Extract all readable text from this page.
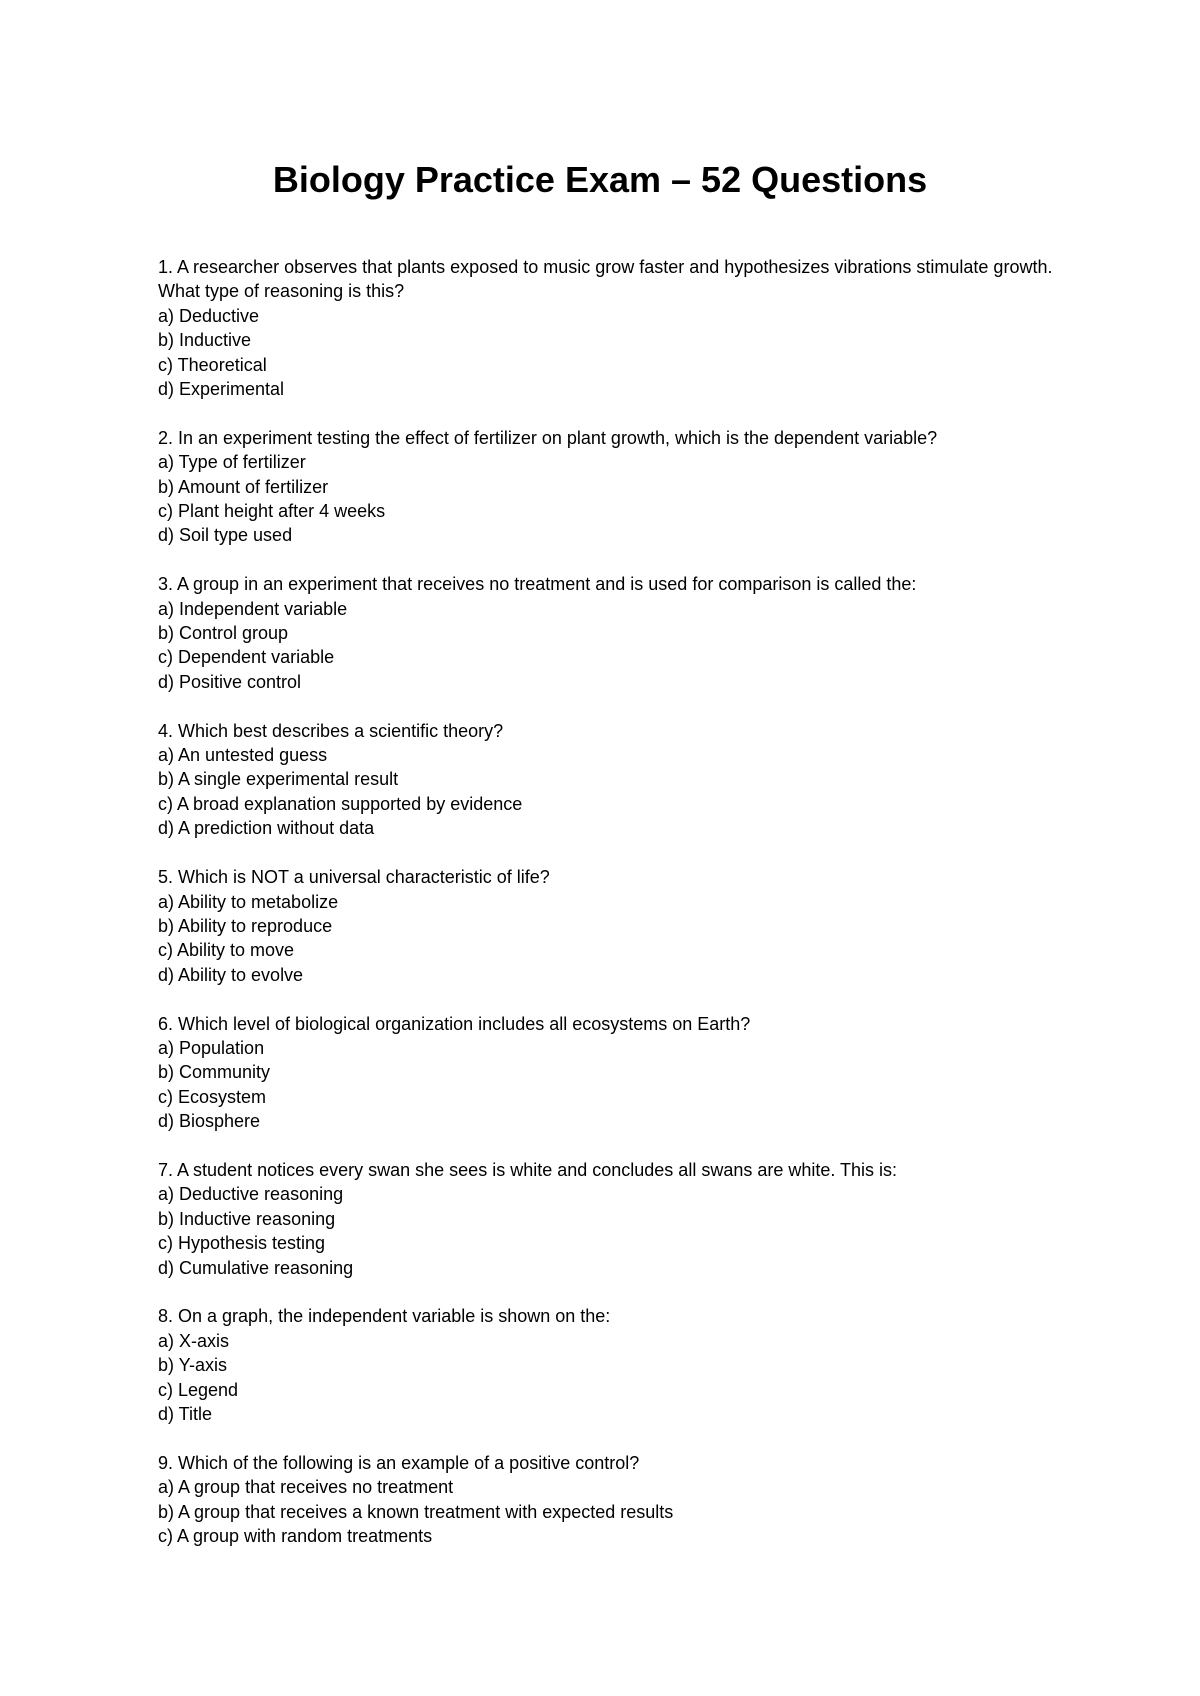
Biology Practice Exam – 52 Questions
1. A researcher observes that plants exposed to music grow faster and hypothesizes vibrations stimulate growth. What type of reasoning is this?
a) Deductive
b) Inductive
c) Theoretical
d) Experimental
2. In an experiment testing the effect of fertilizer on plant growth, which is the dependent variable?
a) Type of fertilizer
b) Amount of fertilizer
c) Plant height after 4 weeks
d) Soil type used
3. A group in an experiment that receives no treatment and is used for comparison is called the:
a) Independent variable
b) Control group
c) Dependent variable
d) Positive control
4. Which best describes a scientific theory?
a) An untested guess
b) A single experimental result
c) A broad explanation supported by evidence
d) A prediction without data
5. Which is NOT a universal characteristic of life?
a) Ability to metabolize
b) Ability to reproduce
c) Ability to move
d) Ability to evolve
6. Which level of biological organization includes all ecosystems on Earth?
a) Population
b) Community
c) Ecosystem
d) Biosphere
7. A student notices every swan she sees is white and concludes all swans are white. This is:
a) Deductive reasoning
b) Inductive reasoning
c) Hypothesis testing
d) Cumulative reasoning
8. On a graph, the independent variable is shown on the:
a) X-axis
b) Y-axis
c) Legend
d) Title
9. Which of the following is an example of a positive control?
a) A group that receives no treatment
b) A group that receives a known treatment with expected results
c) A group with random treatments
